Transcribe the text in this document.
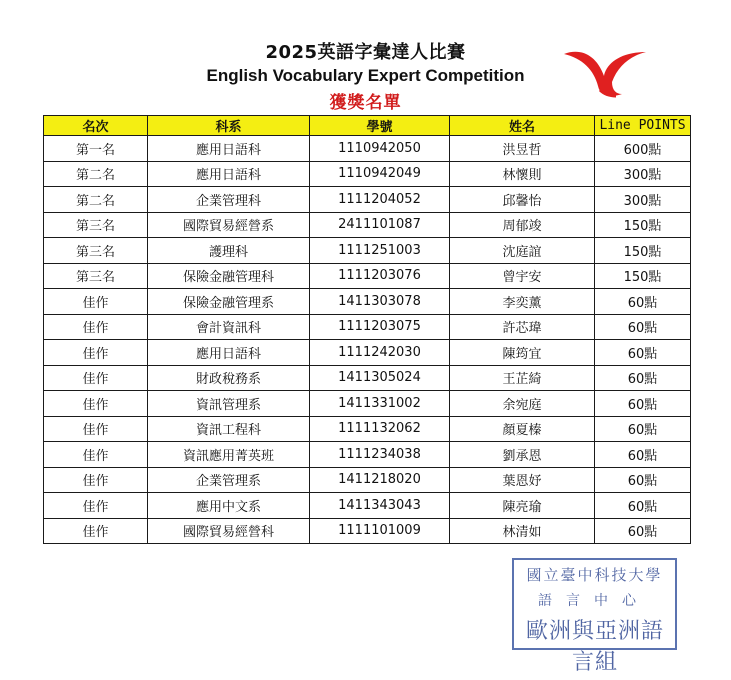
2025英語字彙達人比賽
English Vocabulary Expert Competition
獲獎名單
名次	科系	學號	姓名	Line POINTS
第一名	應用日語科	1110942050	洪昱哲	600點
第二名	應用日語科	1110942049	林懷則	300點
第二名	企業管理科	1111204052	邱馨怡	300點
第三名	國際貿易經營系	2411101087	周郁竣	150點
第三名	護理科	1111251003	沈庭誼	150點
第三名	保險金融管理科	1111203076	曾宇安	150點
佳作	保險金融管理系	1411303078	李奕薰	60點
佳作	會計資訊科	1111203075	許芯瑋	60點
佳作	應用日語科	1111242030	陳筠宜	60點
佳作	財政稅務系	1411305024	王芷綺	60點
佳作	資訊管理系	1411331002	余宛庭	60點
佳作	資訊工程科	1111132062	顏夏榛	60點
佳作	資訊應用菁英班	1111234038	劉承恩	60點
佳作	企業管理系	1411218020	葉恩妤	60點
佳作	應用中文系	1411343043	陳亮瑜	60點
佳作	國際貿易經營科	1111101009	林清如	60點
國立臺中科技大學
語言中心
歐洲與亞洲語言組
